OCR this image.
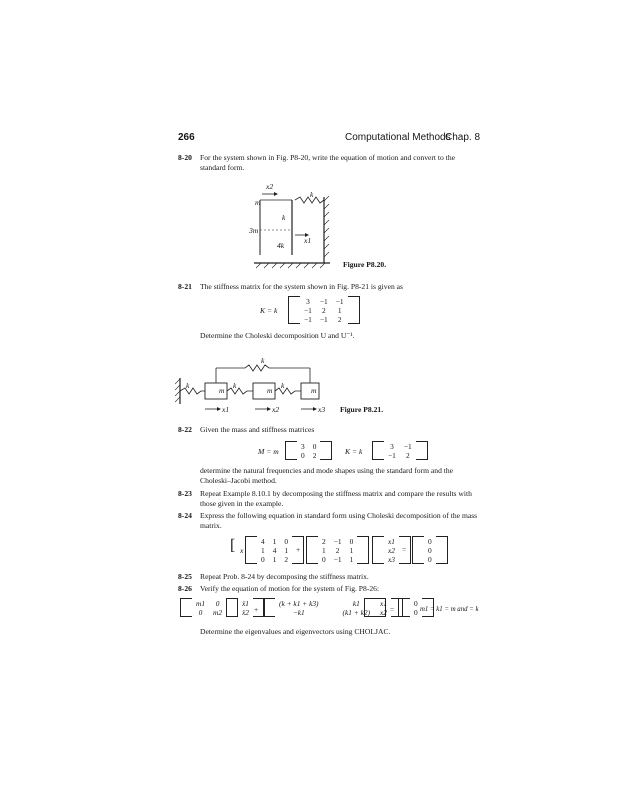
266	Computational Methods
Chap. 8
8-20 For the system shown in Fig. P8-20, write the equation of motion and convert to the standard form.
m
3m
k
k
4k
x2
x1
Figure P8.20.
8-21 The stiffness matrix for the system shown in Fig. P8-21 is given as
K = k
	3	−1	−1	
	−1	2	1	
	−1	−1	2	
Determine the Choleski decomposition U and U⁻¹.
k
k	k	k
m	m	m
x1	x2	x3 Figure P8.21.
8-22 Given the mass and stiffness matrices
M = m
	3	0	
	0	2		K = k
	3	−1	
	−1	2	
determine the natural frequencies and mode shapes using the standard form and the Choleski–Jacobi method.
8-23 Repeat Example 8.10.1 by decomposing the stiffness matrix and compare the results with those given in the example.
8-24 Express the following equation in standard form using Choleski decomposition of the mass matrix.
[ x
	4	1	0	
	1	4	1	
	0	1	2	
+
	2	−1	0	
	1	2	1	
	0	−1	1	
	x1	
x2
x3
=
	0	
0
0
8-25 Repeat Prob. 8-24 by decomposing the stiffness matrix.
8-26 Verify the equation of motion for the system of Fig. P8-26:
	m1	0	
	0	m2	
	ẍ1	
ẍ2 +
	(k + k1 + k3)	k1	
	−k1	(k1 + k2)	
	x1	
x2 =
	0	
0 m1 = k1 = m and = k
Determine the eigenvalues and eigenvectors using CHOLJAC.
